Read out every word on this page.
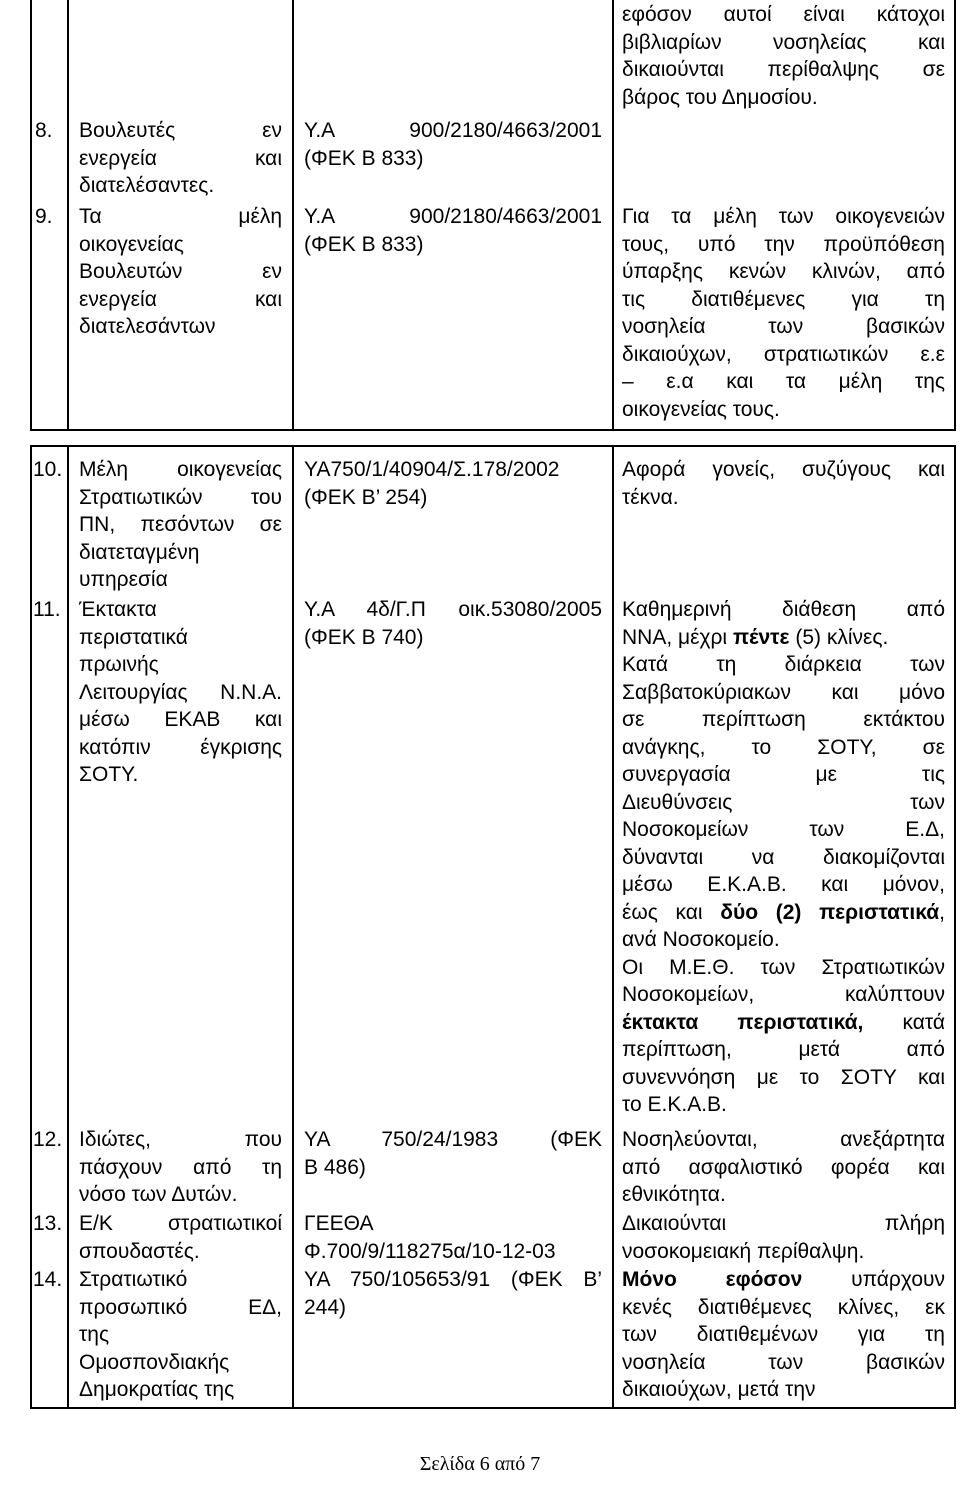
εφόσον αυτοί είναι κάτοχοι
βιβλιαρίων νοσηλείας και
δικαιούνται περίθαλψης σε
βάρος του Δημοσίου.
8.
9.
10.
11.
12.
13.
14.
Βουλευτές εν
ενεργεία και
διατελέσαντες.
Τα μέλη
οικογενείας
Βουλευτών εν
ενεργεία και
διατελεσάντων
Μέλη οικογενείας
Στρατιωτικών του
ΠΝ, πεσόντων σε
διατεταγμένη
υπηρεσία
Έκτακτα
περιστατικά
πρωινής
Λειτουργίας Ν.Ν.Α.
μέσω ΕΚΑΒ και
κατόπιν έγκρισης
ΣΟΤΥ.
Ιδιώτες, που
πάσχουν από τη
νόσο των Δυτών.
Ε/Κ στρατιωτικοί
σπουδαστές.
Στρατιωτικό
προσωπικό ΕΔ,
της
Ομοσπονδιακής
Δημοκρατίας της
Υ.Α 900/2180/4663/2001
(ΦΕΚ Β 833)
Υ.Α 900/2180/4663/2001
(ΦΕΚ Β 833)
ΥΑ750/1/40904/Σ.178/2002
(ΦΕΚ Β’ 254)
Υ.Α 4δ/Γ.Π οικ.53080/2005
(ΦΕΚ Β 740)
ΥΑ 750/24/1983 (ΦΕΚ
Β 486)
ΓΕΕΘΑ
Φ.700/9/118275α/10-12-03
ΥΑ 750/105653/91 (ΦΕΚ Β’
244)
Για τα μέλη των οικογενειών
τους, υπό την προϋπόθεση
ύπαρξης κενών κλινών, από
τις διατιθέμενες για τη
νοσηλεία των βασικών
δικαιούχων, στρατιωτικών ε.ε
– ε.α και τα μέλη της
οικογενείας τους.
Αφορά γονείς, συζύγους και
τέκνα.
Καθημερινή διάθεση από
ΝΝΑ, μέχρι πέντε (5) κλίνες.
Κατά τη διάρκεια των
Σαββατοκύριακων και μόνο
σε περίπτωση εκτάκτου
ανάγκης, το ΣΟΤΥ, σε
συνεργασία με τις
Διευθύνσεις των
Νοσοκομείων των Ε.Δ,
δύνανται να διακομίζονται
μέσω Ε.Κ.Α.Β. και μόνον,
έως και δύο (2) περιστατικά,
ανά Νοσοκομείο.
Οι Μ.Ε.Θ. των Στρατιωτικών
Νοσοκομείων, καλύπτουν
έκτακτα περιστατικά, κατά
περίπτωση, μετά από
συνεννόηση με το ΣΟΤΥ και
το Ε.Κ.Α.Β.
Νοσηλεύονται, ανεξάρτητα
από ασφαλιστικό φορέα και
εθνικότητα.
Δικαιούνται πλήρη
νοσοκομειακή περίθαλψη.
Μόνο εφόσον υπάρχουν
κενές διατιθέμενες κλίνες, εκ
των διατιθεμένων για τη
νοσηλεία των βασικών
δικαιούχων, μετά την
Σελίδα 6 από 7
